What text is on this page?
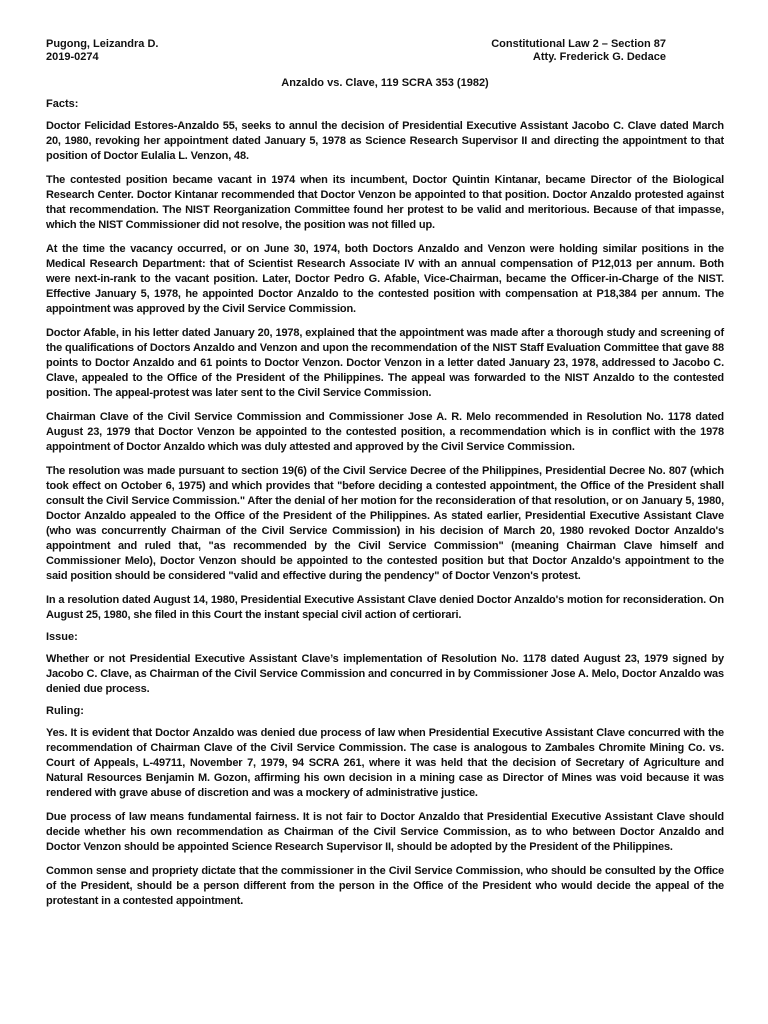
Pugong, Leizandra D.
2019-0274
Constitutional Law 2 – Section 87
Atty. Frederick G. Dedace
Anzaldo vs. Clave, 119 SCRA 353 (1982)
Facts:

Doctor Felicidad Estores-Anzaldo 55, seeks to annul the decision of Presidential Executive Assistant Jacobo C. Clave dated March 20, 1980, revoking her appointment dated January 5, 1978 as Science Research Supervisor II and directing the appointment to that position of Doctor Eulalia L. Venzon, 48.

The contested position became vacant in 1974 when its incumbent, Doctor Quintin Kintanar, became Director of the Biological Research Center. Doctor Kintanar recommended that Doctor Venzon be appointed to that position. Doctor Anzaldo protested against that recommendation. The NIST Reorganization Committee found her protest to be valid and meritorious. Because of that impasse, which the NIST Commissioner did not resolve, the position was not filled up.

At the time the vacancy occurred, or on June 30, 1974, both Doctors Anzaldo and Venzon were holding similar positions in the Medical Research Department: that of Scientist Research Associate IV with an annual compensation of P12,013 per annum. Both were next-in-rank to the vacant position. Later, Doctor Pedro G. Afable, Vice-Chairman, became the Officer-in-Charge of the NIST. Effective January 5, 1978, he appointed Doctor Anzaldo to the contested position with compensation at P18,384 per annum. The appointment was approved by the Civil Service Commission.

Doctor Afable, in his letter dated January 20, 1978, explained that the appointment was made after a thorough study and screening of the qualifications of Doctors Anzaldo and Venzon and upon the recommendation of the NIST Staff Evaluation Committee that gave 88 points to Doctor Anzaldo and 61 points to Doctor Venzon. Doctor Venzon in a letter dated January 23, 1978, addressed to Jacobo C. Clave, appealed to the Office of the President of the Philippines. The appeal was forwarded to the NIST Anzaldo to the contested position. The appeal-protest was later sent to the Civil Service Commission.

Chairman Clave of the Civil Service Commission and Commissioner Jose A. R. Melo recommended in Resolution No. 1178 dated August 23, 1979 that Doctor Venzon be appointed to the contested position, a recommendation which is in conflict with the 1978 appointment of Doctor Anzaldo which was duly attested and approved by the Civil Service Commission.

The resolution was made pursuant to section 19(6) of the Civil Service Decree of the Philippines, Presidential Decree No. 807 (which took effect on October 6, 1975) and which provides that "before deciding a contested appointment, the Office of the President shall consult the Civil Service Commission." After the denial of her motion for the reconsideration of that resolution, or on January 5, 1980, Doctor Anzaldo appealed to the Office of the President of the Philippines. As stated earlier, Presidential Executive Assistant Clave (who was concurrently Chairman of the Civil Service Commission) in his decision of March 20, 1980 revoked Doctor Anzaldo's appointment and ruled that, "as recommended by the Civil Service Commission" (meaning Chairman Clave himself and Commissioner Melo), Doctor Venzon should be appointed to the contested position but that Doctor Anzaldo's appointment to the said position should be considered "valid and effective during the pendency" of Doctor Venzon's protest.

In a resolution dated August 14, 1980, Presidential Executive Assistant Clave denied Doctor Anzaldo's motion for reconsideration. On August 25, 1980, she filed in this Court the instant special civil action of certiorari.

Issue:

Whether or not Presidential Executive Assistant Clave’s implementation of Resolution No. 1178 dated August 23, 1979 signed by Jacobo C. Clave, as Chairman of the Civil Service Commission and concurred in by Commissioner Jose A. Melo, Doctor Anzaldo was denied due process.

Ruling:

Yes. It is evident that Doctor Anzaldo was denied due process of law when Presidential Executive Assistant Clave concurred with the recommendation of Chairman Clave of the Civil Service Commission. The case is analogous to Zambales Chromite Mining Co. vs. Court of Appeals, L-49711, November 7, 1979, 94 SCRA 261, where it was held that the decision of Secretary of Agriculture and Natural Resources Benjamin M. Gozon, affirming his own decision in a mining case as Director of Mines was void because it was rendered with grave abuse of discretion and was a mockery of administrative justice.

Due process of law means fundamental fairness. It is not fair to Doctor Anzaldo that Presidential Executive Assistant Clave should decide whether his own recommendation as Chairman of the Civil Service Commission, as to who between Doctor Anzaldo and Doctor Venzon should be appointed Science Research Supervisor II, should be adopted by the President of the Philippines.

Common sense and propriety dictate that the commissioner in the Civil Service Commission, who should be consulted by the Office of the President, should be a person different from the person in the Office of the President who would decide the appeal of the protestant in a contested appointment.
